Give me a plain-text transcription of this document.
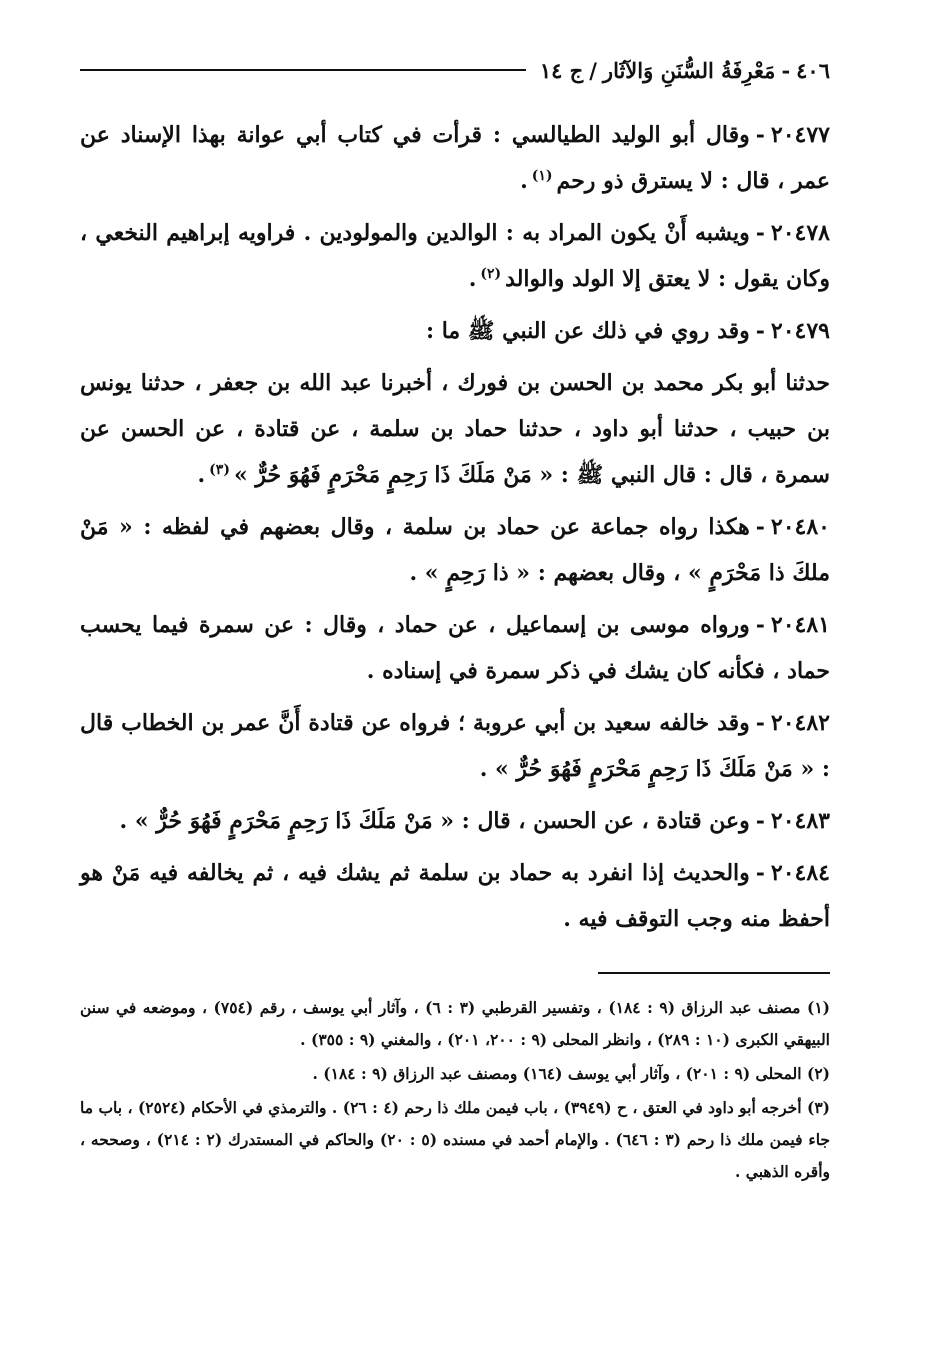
٤٠٦
-
مَعْرِفَةُ السُّنَنِ وَالآثَار
/
ج ١٤

٢٠٤٧٧-وقال أبو الوليد الطيالسي : قرأت في كتاب أبي عوانة بهذا الإسناد عن عمر ، قال : لا يسترق ذو رحم$^{(١)}$.

٢٠٤٧٨-ويشبه أَنْ يكون المراد به : الوالدين والمولودين . فراويه إبراهيم النخعي ، وكان يقول : لا يعتق إلا الولد والوالد$^{(٢)}$.

٢٠٤٧٩-وقد روي في ذلك عن النبي ﷺ ما :

حدثنا أبو بكر محمد بن الحسن بن فورك ، أخبرنا عبد الله بن جعفر ، حدثنا يونس بن حبيب ، حدثنا أبو داود ، حدثنا حماد بن سلمة ، عن قتادة ، عن الحسن عن سمرة ، قال : قال النبي ﷺ : « مَنْ مَلَكَ ذَا رَحِمٍ مَحْرَمٍ فَهُوَ حُرٌّ »$^{(٣)}$.

٢٠٤٨٠-هكذا رواه جماعة عن حماد بن سلمة ، وقال بعضهم في لفظه : « مَنْ ملكَ ذا مَحْرَمٍ » ، وقال بعضهم : « ذا رَحِمٍ » .

٢٠٤٨١-ورواه موسى بن إسماعيل ، عن حماد ، وقال : عن سمرة فيما يحسب حماد ، فكأنه كان يشك في ذكر سمرة في إسناده .

٢٠٤٨٢-وقد خالفه سعيد بن أبي عروبة ؛ فرواه عن قتادة أَنَّ عمر بن الخطاب قال : « مَنْ مَلَكَ ذَا رَحِمٍ مَحْرَمٍ فَهُوَ حُرٌّ » .

٢٠٤٨٣-وعن قتادة ، عن الحسن ، قال : « مَنْ مَلَكَ ذَا رَحِمٍ مَحْرَمٍ فَهُوَ حُرٌّ » .

٢٠٤٨٤-والحديث إذا انفرد به حماد بن سلمة ثم يشك فيه ، ثم يخالفه فيه مَنْ هو أحفظ منه وجب التوقف فيه .

(١) مصنف عبد الرزاق (٩ : ١٨٤) ، وتفسير القرطبي (٣ : ٦) ، وآثار أبي يوسف ، رقم (٧٥٤) ، وموضعه في سنن البيهقي الكبرى (١٠ : ٢٨٩) ، وانظر المحلى (٩ : ٢٠٠، ٢٠١) ، والمغني (٩ : ٣٥٥) .

(٢) المحلى (٩ : ٢٠١) ، وآثار أبي يوسف (١٦٤) ومصنف عبد الرزاق (٩ : ١٨٤) .

(٣) أخرجه أبو داود في العتق ، ح (٣٩٤٩) ، باب فيمن ملك ذا رحم (٤ : ٢٦) . والترمذي في الأحكام (٢٥٢٤) ، باب ما جاء فيمن ملك ذا رحم (٣ : ٦٤٦) . والإمام أحمد في مسنده (٥ : ٢٠) والحاكم في المستدرك (٢ : ٢١٤) ، وصححه ، وأقره الذهبي .
